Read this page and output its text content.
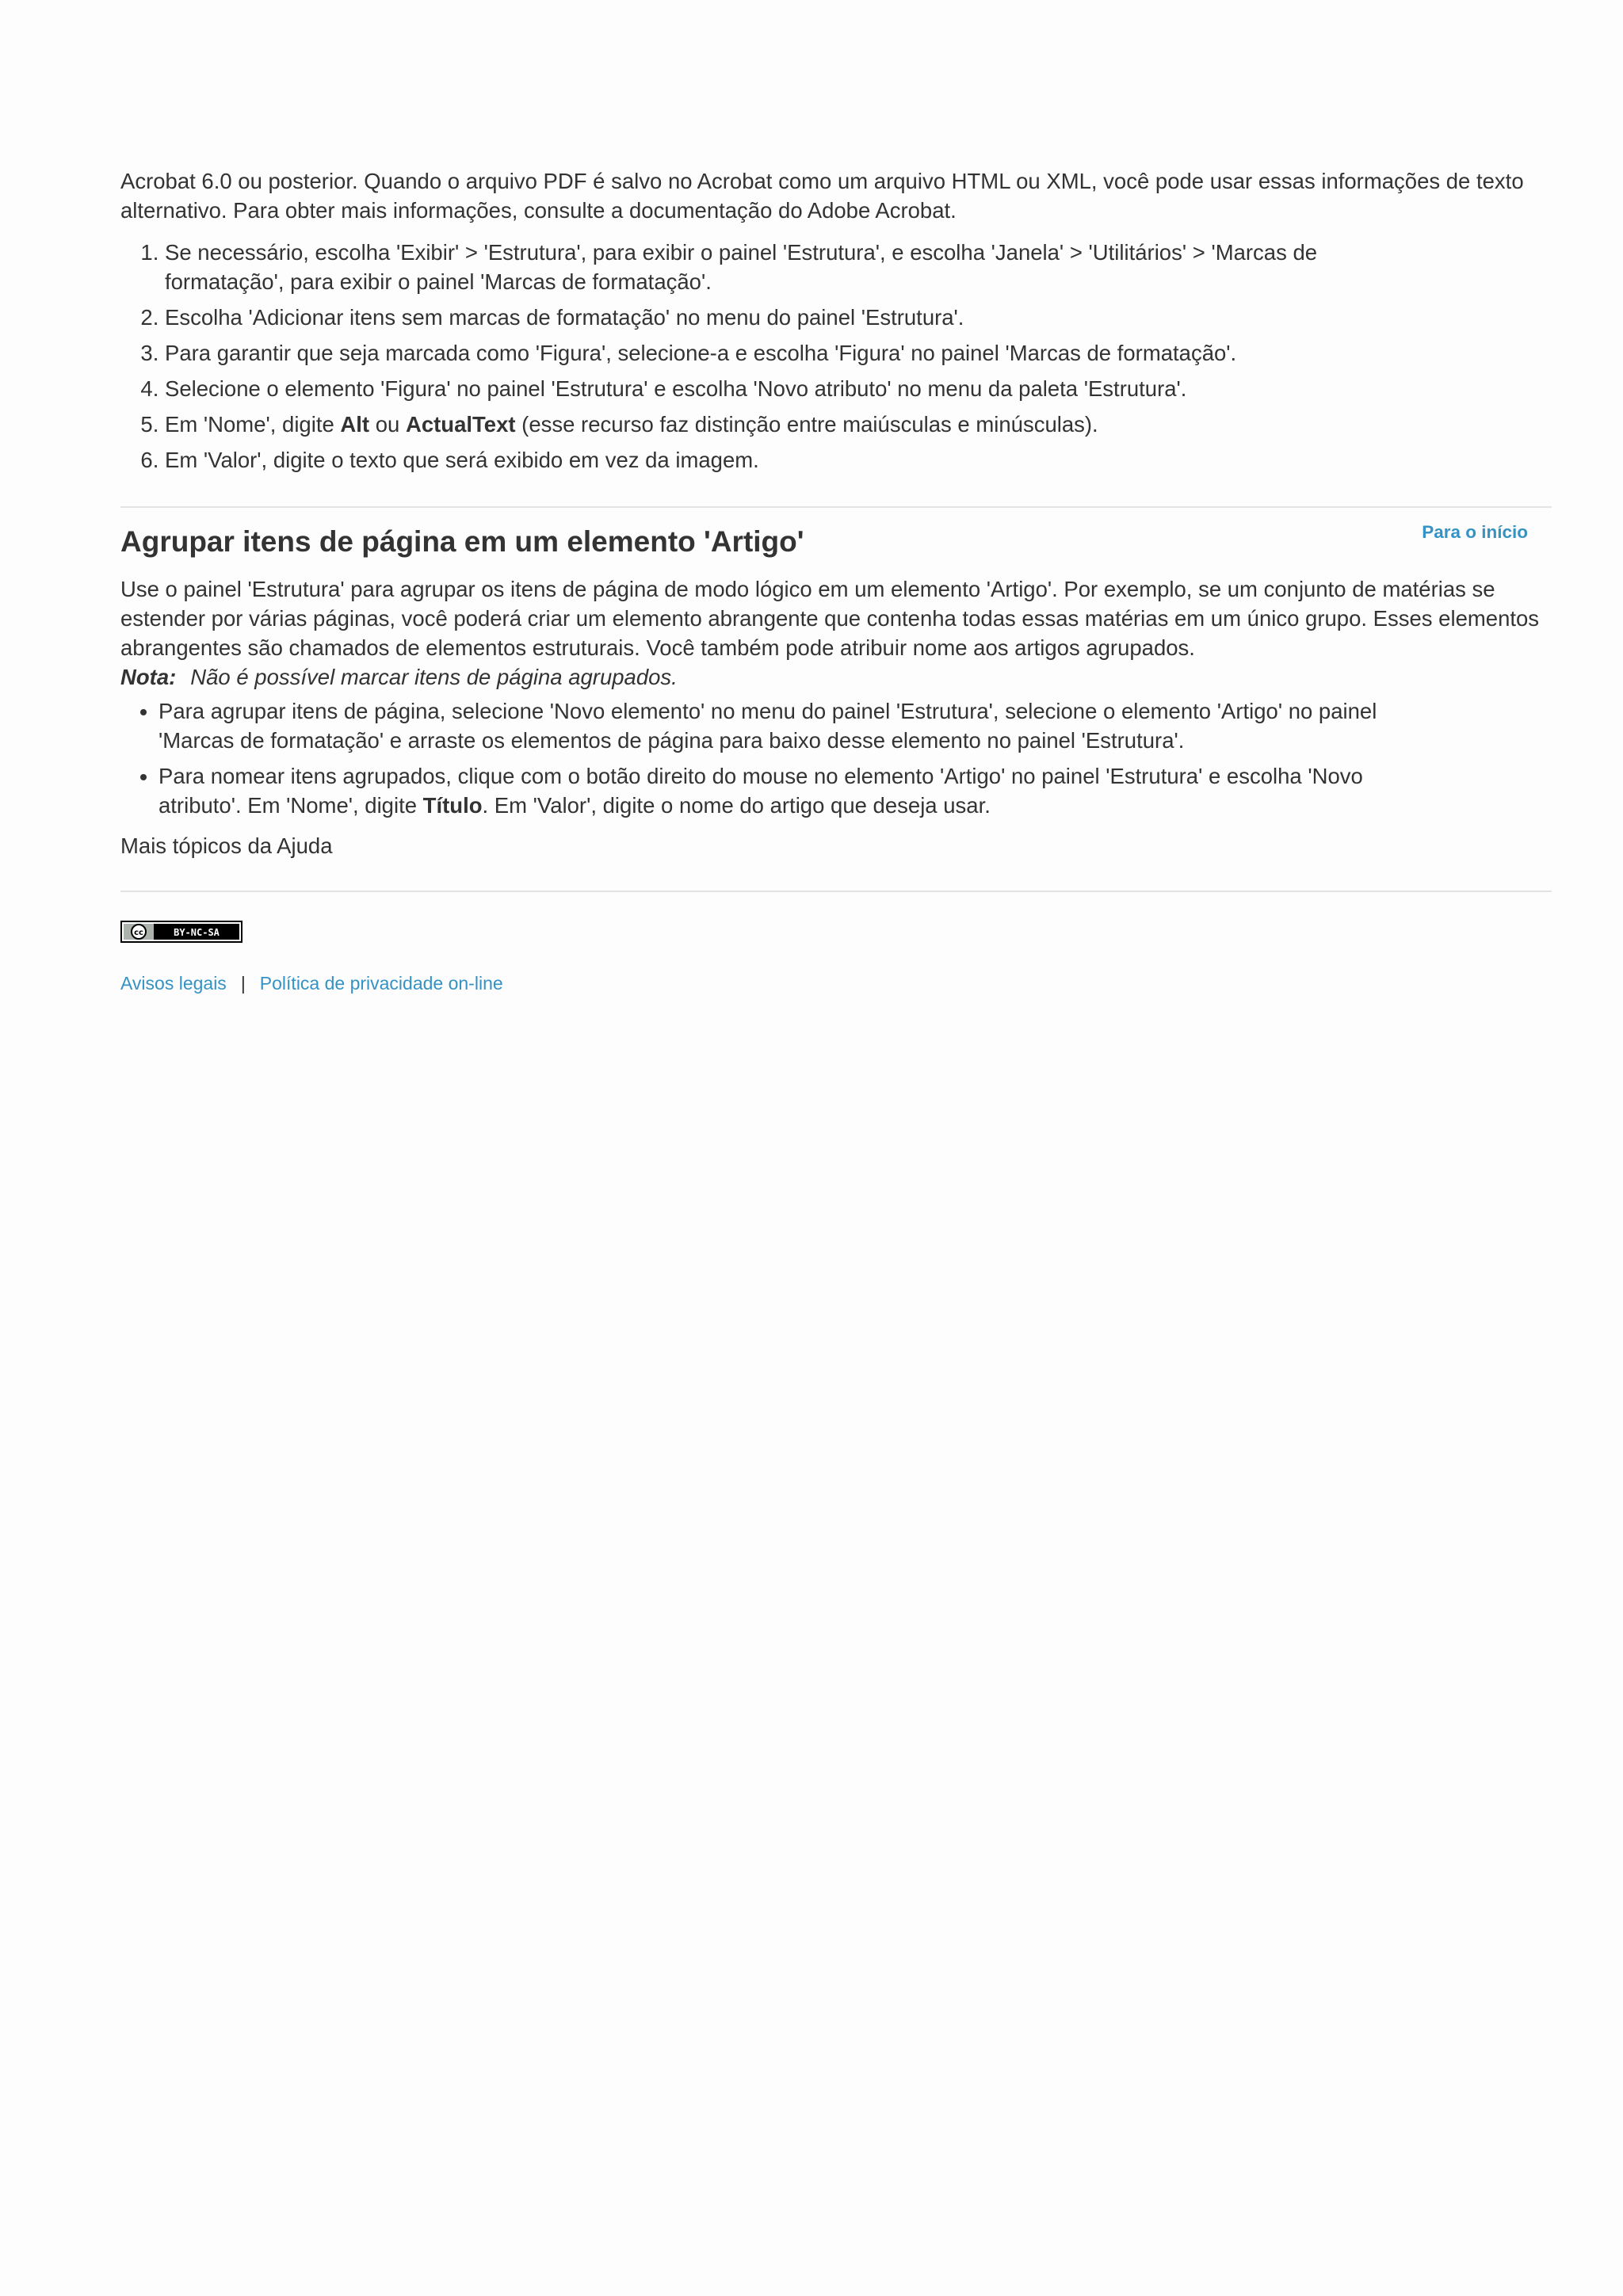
Acrobat 6.0 ou posterior. Quando o arquivo PDF é salvo no Acrobat como um arquivo HTML ou XML, você pode usar essas informações de texto alternativo. Para obter mais informações, consulte a documentação do Adobe Acrobat.

1. Se necessário, escolha 'Exibir' > 'Estrutura', para exibir o painel 'Estrutura', e escolha 'Janela' > 'Utilitários' > 'Marcas de formatação', para exibir o painel 'Marcas de formatação'.
2. Escolha 'Adicionar itens sem marcas de formatação' no menu do painel 'Estrutura'.
3. Para garantir que seja marcada como 'Figura', selecione-a e escolha 'Figura' no painel 'Marcas de formatação'.
4. Selecione o elemento 'Figura' no painel 'Estrutura' e escolha 'Novo atributo' no menu da paleta 'Estrutura'.
5. Em 'Nome', digite Alt ou ActualText (esse recurso faz distinção entre maiúsculas e minúsculas).
6. Em 'Valor', digite o texto que será exibido em vez da imagem.
Agrupar itens de página em um elemento 'Artigo'	Para o início

Use o painel 'Estrutura' para agrupar os itens de página de modo lógico em um elemento 'Artigo'. Por exemplo, se um conjunto de matérias se estender por várias páginas, você poderá criar um elemento abrangente que contenha todas essas matérias em um único grupo. Esses elementos abrangentes são chamados de elementos estruturais. Você também pode atribuir nome aos artigos agrupados.

Nota: Não é possível marcar itens de página agrupados.

• Para agrupar itens de página, selecione 'Novo elemento' no menu do painel 'Estrutura', selecione o elemento 'Artigo' no painel 'Marcas de formatação' e arraste os elementos de página para baixo desse elemento no painel 'Estrutura'.
• Para nomear itens agrupados, clique com o botão direito do mouse no elemento 'Artigo' no painel 'Estrutura' e escolha 'Novo atributo'. Em 'Nome', digite Título. Em 'Valor', digite o nome do artigo que deseja usar.

Mais tópicos da Ajuda

cc	BY-NC-SA
Avisos legais | Política de privacidade on-line
